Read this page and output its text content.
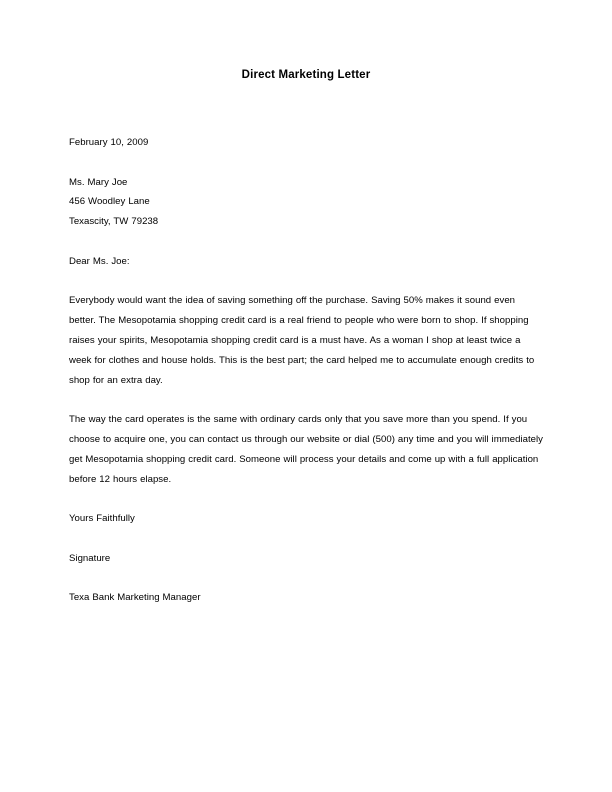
Direct Marketing Letter
February 10, 2009
Ms. Mary Joe
456 Woodley Lane
Texascity, TW 79238
Dear Ms. Joe:

Everybody would want the idea of saving something off the purchase. Saving 50% makes it sound even better. The Mesopotamia shopping credit card is a real friend to people who were born to shop. If shopping raises your spirits, Mesopotamia shopping credit card is a must have. As a woman I shop at least twice a week for clothes and house holds. This is the best part; the card helped me to accumulate enough credits to shop for an extra day.

The way the card operates is the same with ordinary cards only that you save more than you spend. If you choose to acquire one, you can contact us through our website or dial (500) any time and you will immediately get Mesopotamia shopping credit card. Someone will process your details and come up with a full application before 12 hours elapse.

Yours Faithfully
Signature
Texa Bank Marketing Manager
